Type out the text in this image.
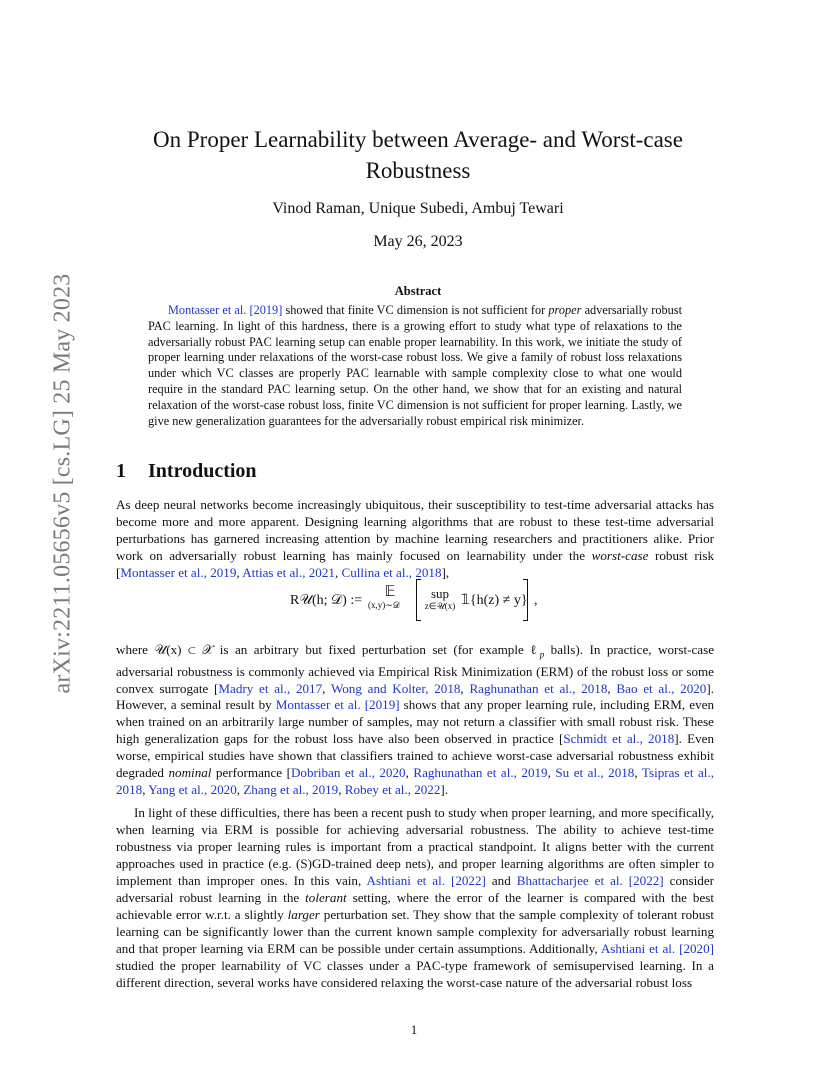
arXiv:2211.05656v5 [cs.LG] 25 May 2023
On Proper Learnability between Average- and Worst-case Robustness
Vinod Raman, Unique Subedi, Ambuj Tewari
May 26, 2023
Abstract
Montasser et al. [2019] showed that finite VC dimension is not sufficient for proper adversarially robust PAC learning. In light of this hardness, there is a growing effort to study what type of relaxations to the adversarially robust PAC learning setup can enable proper learnability. In this work, we initiate the study of proper learning under relaxations of the worst-case robust loss. We give a family of robust loss relaxations under which VC classes are properly PAC learnable with sample complexity close to what one would require in the standard PAC learning setup. On the other hand, we show that for an existing and natural relaxation of the worst-case robust loss, finite VC dimension is not sufficient for proper learning. Lastly, we give new generalization guarantees for the adversarially robust empirical risk minimizer.
1 Introduction
As deep neural networks become increasingly ubiquitous, their susceptibility to test-time adversarial attacks has become more and more apparent. Designing learning algorithms that are robust to these test-time adversarial perturbations has garnered increasing attention by machine learning researchers and practitioners alike. Prior work on adversarially robust learning has mainly focused on learnability under the worst-case robust risk [Montasser et al., 2019, Attias et al., 2021, Cullina et al., 2018],
R𝒰(h; 𝒟) :=
𝔼
(x,y)∼𝒟
sup
z∈𝒰(x) 𝟙{h(z) ≠ y} ,
where 𝒰(x) ⊂ 𝒳 is an arbitrary but fixed perturbation set (for example ℓ$_p$ balls). In practice, worst-case adversarial robustness is commonly achieved via Empirical Risk Minimization (ERM) of the robust loss or some convex surrogate [Madry et al., 2017, Wong and Kolter, 2018, Raghunathan et al., 2018, Bao et al., 2020]. However, a seminal result by Montasser et al. [2019] shows that any proper learning rule, including ERM, even when trained on an arbitrarily large number of samples, may not return a classifier with small robust risk. These high generalization gaps for the robust loss have also been observed in practice [Schmidt et al., 2018]. Even worse, empirical studies have shown that classifiers trained to achieve worst-case adversarial robustness exhibit degraded nominal performance [Dobriban et al., 2020, Raghunathan et al., 2019, Su et al., 2018, Tsipras et al., 2018, Yang et al., 2020, Zhang et al., 2019, Robey et al., 2022].
In light of these difficulties, there has been a recent push to study when proper learning, and more specifically, when learning via ERM is possible for achieving adversarial robustness. The ability to achieve test-time robustness via proper learning rules is important from a practical standpoint. It aligns better with the current approaches used in practice (e.g. (S)GD-trained deep nets), and proper learning algorithms are often simpler to implement than improper ones. In this vain, Ashtiani et al. [2022] and Bhattacharjee et al. [2022] consider adversarial robust learning in the tolerant setting, where the error of the learner is compared with the best achievable error w.r.t. a slightly larger perturbation set. They show that the sample complexity of tolerant robust learning can be significantly lower than the current known sample complexity for adversarially robust learning and that proper learning via ERM can be possible under certain assumptions. Additionally, Ashtiani et al. [2020] studied the proper learnability of VC classes under a PAC-type framework of semisupervised learning. In a different direction, several works have considered relaxing the worst-case nature of the adversarial robust loss
1
